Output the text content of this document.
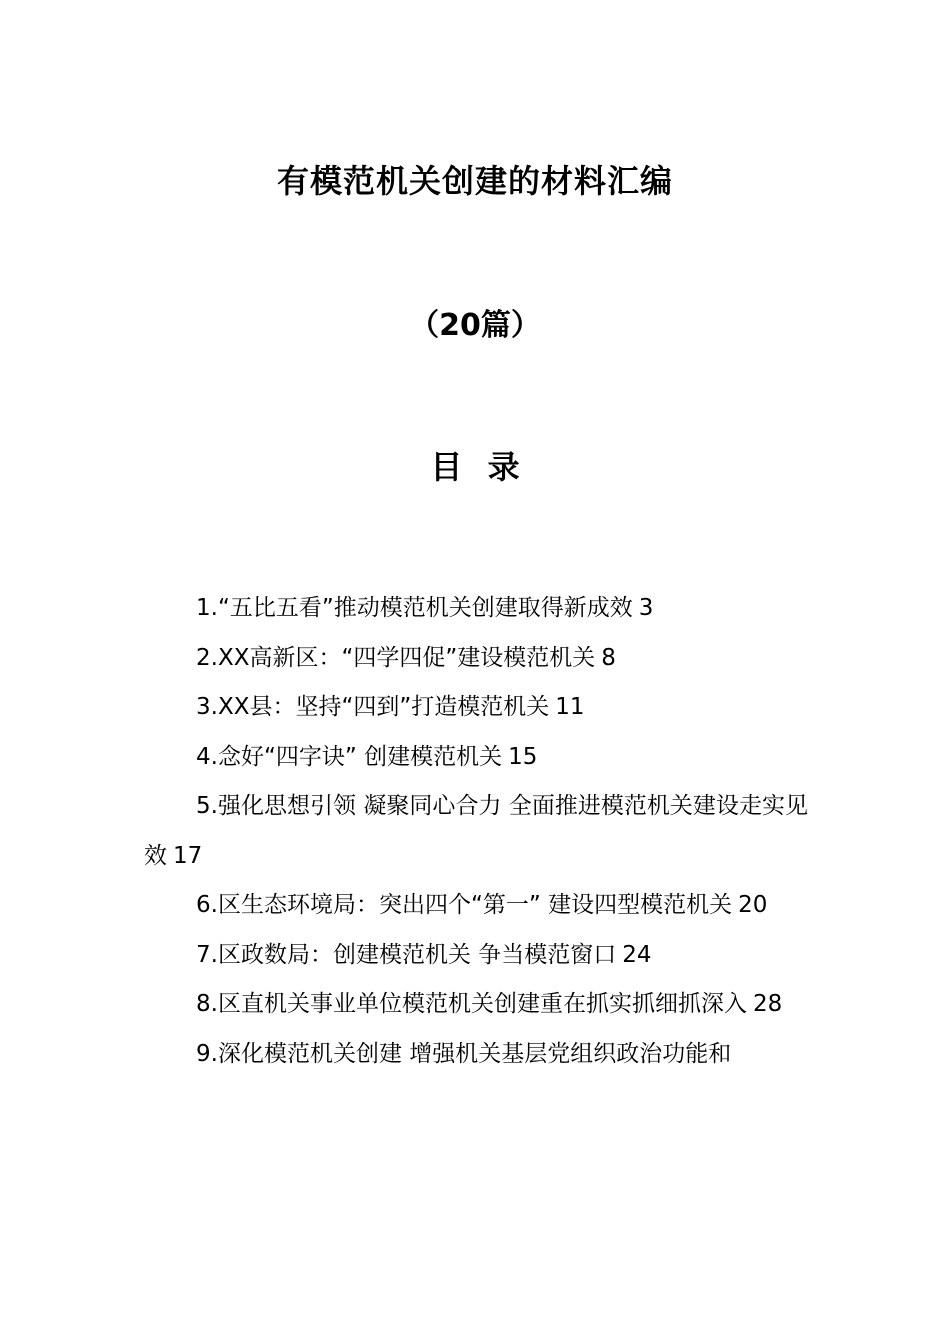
有模范机关创建的材料汇编
（20篇）
目 录
1.“五比五看”推动模范机关创建取得新成效 3
2.XX高新区：“四学四促”建设模范机关 8
3.XX县：坚持“四到”打造模范机关 11
4.念好“四字诀” 创建模范机关 15
5.强化思想引领 凝聚同心合力 全面推进模范机关建设走实见效 17
6.区生态环境局：突出四个“第一” 建设四型模范机关 20
7.区政数局：创建模范机关 争当模范窗口 24
8.区直机关事业单位模范机关创建重在抓实抓细抓深入 28
9.深化模范机关创建 增强机关基层党组织政治功能和
